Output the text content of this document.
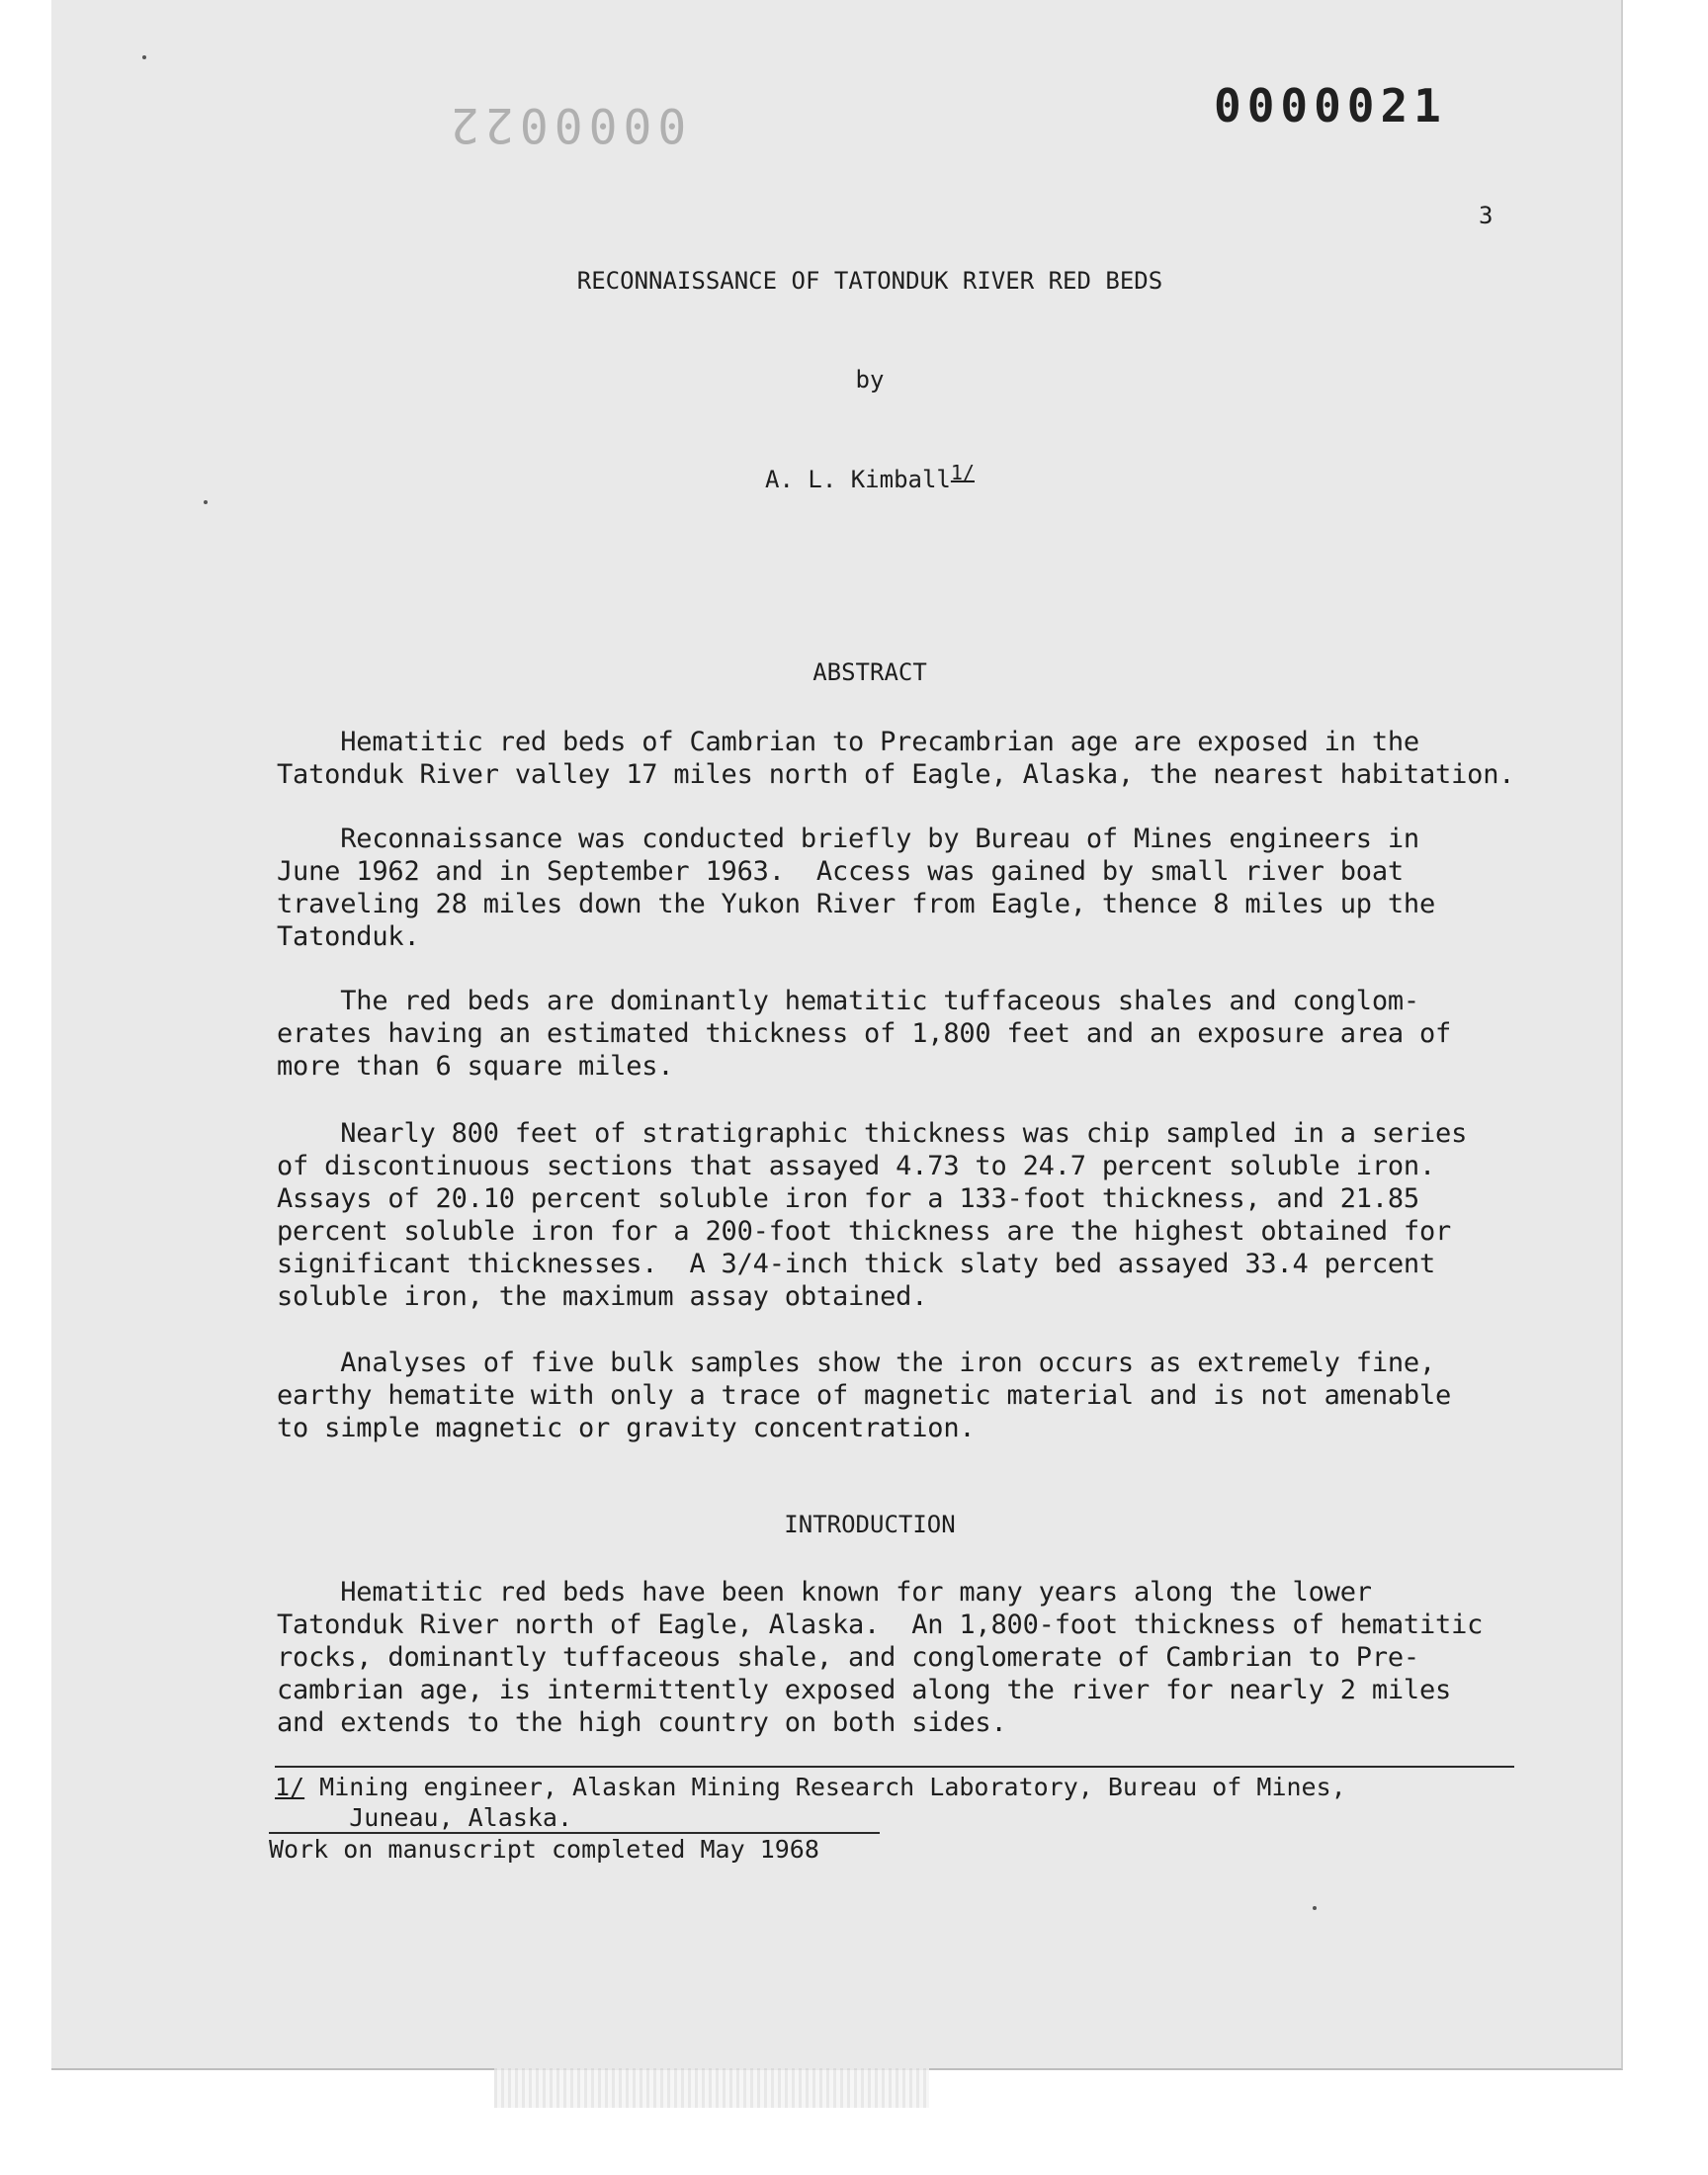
0000022	0000021
3
RECONNAISSANCE OF TATONDUK RIVER RED BEDS
by
A. L. Kimball$^{1/}$
ABSTRACT
Hematitic red beds of Cambrian to Precambrian age are exposed in the
Tatonduk River valley 17 miles north of Eagle, Alaska, the nearest habitation.
Reconnaissance was conducted briefly by Bureau of Mines engineers in
June 1962 and in September 1963.  Access was gained by small river boat
traveling 28 miles down the Yukon River from Eagle, thence 8 miles up the
Tatonduk.
The red beds are dominantly hematitic tuffaceous shales and conglom-
erates having an estimated thickness of 1,800 feet and an exposure area of
more than 6 square miles.
Nearly 800 feet of stratigraphic thickness was chip sampled in a series
of discontinuous sections that assayed 4.73 to 24.7 percent soluble iron.
Assays of 20.10 percent soluble iron for a 133-foot thickness, and 21.85
percent soluble iron for a 200-foot thickness are the highest obtained for
significant thicknesses.  A 3/4-inch thick slaty bed assayed 33.4 percent
soluble iron, the maximum assay obtained.
Analyses of five bulk samples show the iron occurs as extremely fine,
earthy hematite with only a trace of magnetic material and is not amenable
to simple magnetic or gravity concentration.
INTRODUCTION
Hematitic red beds have been known for many years along the lower
Tatonduk River north of Eagle, Alaska.  An 1,800-foot thickness of hematitic
rocks, dominantly tuffaceous shale, and conglomerate of Cambrian to Pre-
cambrian age, is intermittently exposed along the river for nearly 2 miles
and extends to the high country on both sides.
1/ Mining engineer, Alaskan Mining Research Laboratory, Bureau of Mines,
Juneau, Alaska.
Work on manuscript completed May 1968
